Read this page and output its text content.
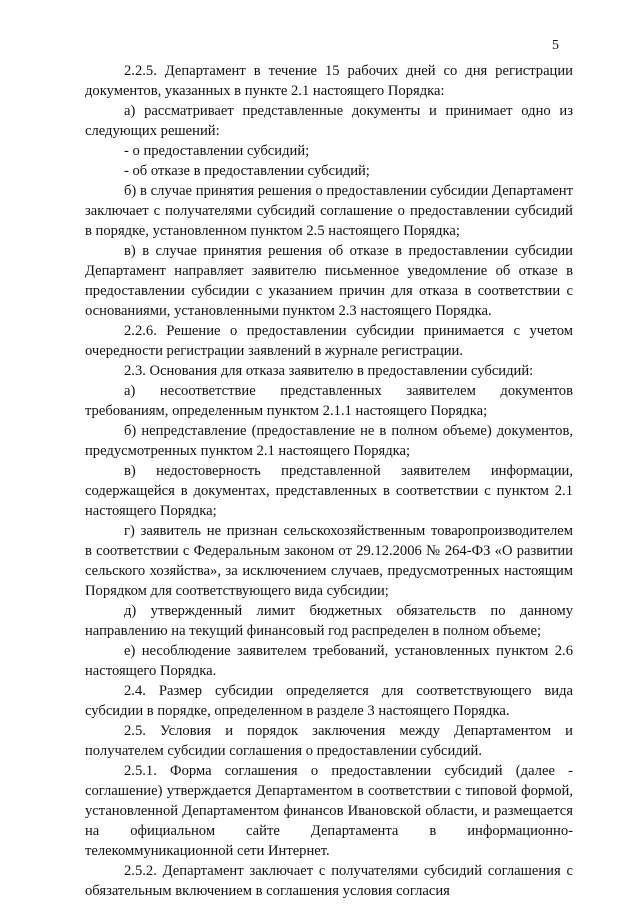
5

2.2.5. Департамент в течение 15 рабочих дней со дня регистрации документов, указанных в пункте 2.1 настоящего Порядка:

а) рассматривает представленные документы и принимает одно из следующих решений:

- о предоставлении субсидий;

- об отказе в предоставлении субсидий;

б) в случае принятия решения о предоставлении субсидии Департамент заключает с получателями субсидий соглашение о предоставлении субсидий в порядке, установленном пунктом 2.5 настоящего Порядка;

в) в случае принятия решения об отказе в предоставлении субсидии Департамент направляет заявителю письменное уведомление об отказе в предоставлении субсидии с указанием причин для отказа в соответствии с основаниями, установленными пунктом 2.3 настоящего Порядка.

2.2.6. Решение о предоставлении субсидии принимается с учетом очередности регистрации заявлений в журнале регистрации.

2.3. Основания для отказа заявителю в предоставлении субсидий:

а) несоответствие представленных заявителем документов требованиям, определенным пунктом 2.1.1 настоящего Порядка;

б) непредставление (предоставление не в полном объеме) документов, предусмотренных пунктом 2.1 настоящего Порядка;

в) недостоверность представленной заявителем информации, содержащейся в документах, представленных в соответствии с пунктом 2.1 настоящего Порядка;

г) заявитель не признан сельскохозяйственным товаропроизводителем в соответствии с Федеральным законом от 29.12.2006 № 264-ФЗ «О развитии сельского хозяйства», за исключением случаев, предусмотренных настоящим Порядком для соответствующего вида субсидии;

д) утвержденный лимит бюджетных обязательств по данному направлению на текущий финансовый год распределен в полном объеме;

е) несоблюдение заявителем требований, установленных пунктом 2.6 настоящего Порядка.

2.4. Размер субсидии определяется для соответствующего вида субсидии в порядке, определенном в разделе 3 настоящего Порядка.

2.5. Условия и порядок заключения между Департаментом и получателем субсидии соглашения о предоставлении субсидий.

2.5.1. Форма соглашения о предоставлении субсидий (далее - соглашение) утверждается Департаментом в соответствии с типовой формой, установленной Департаментом финансов Ивановской области, и размещается на официальном сайте Департамента в информационно-телекоммуникационной сети Интернет.

2.5.2. Департамент заключает с получателями субсидий соглашения с обязательным включением в соглашения условия согласия
